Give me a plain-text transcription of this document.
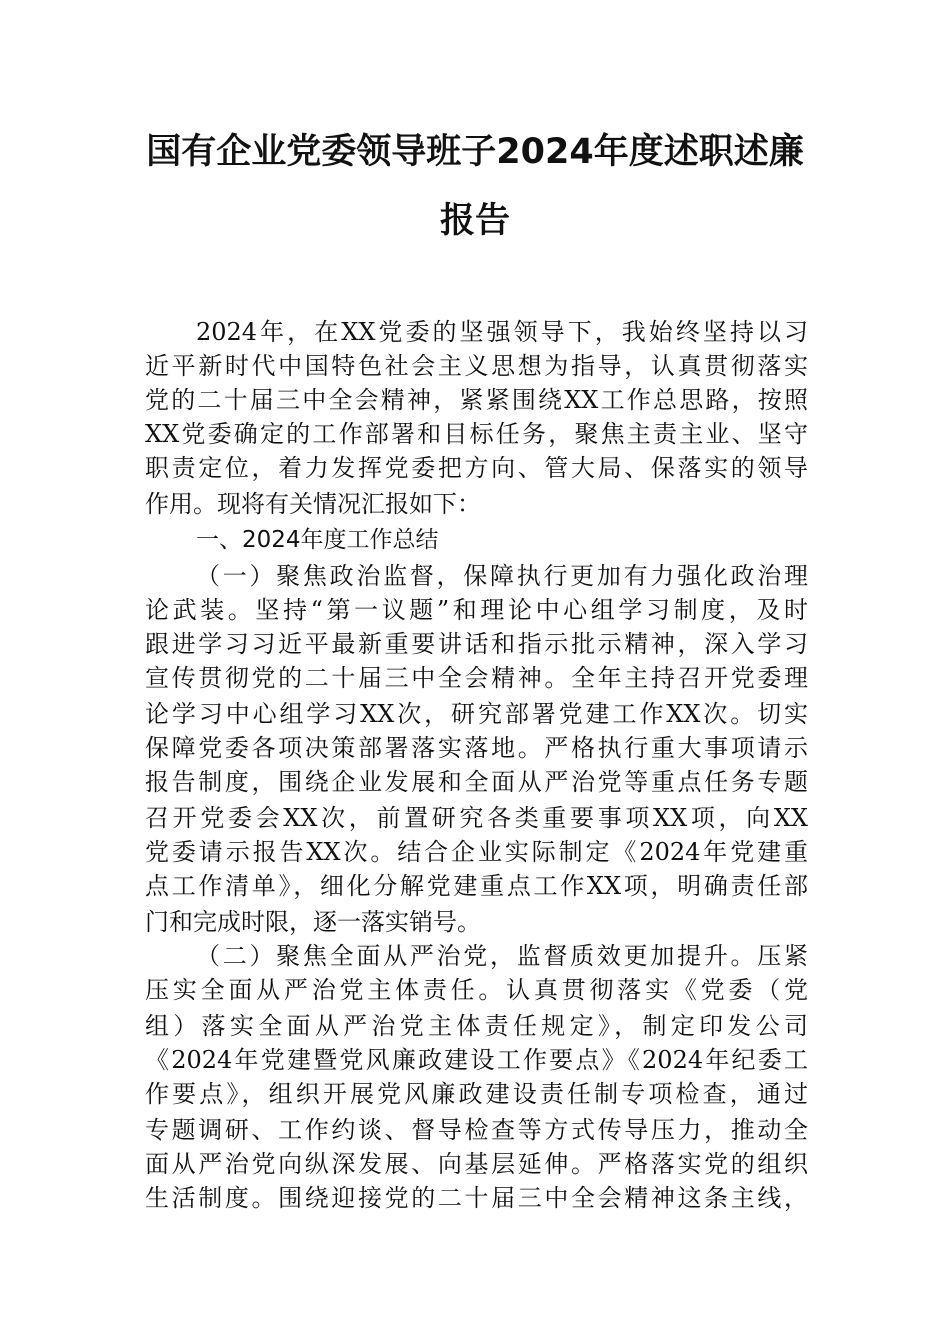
国有企业党委领导班子2024年度述职述廉
报告
2024年，在XX党委的坚强领导下，我始终坚持以习
近平新时代中国特色社会主义思想为指导，认真贯彻落实
党的二十届三中全会精神，紧紧围绕XX工作总思路，按照
XX党委确定的工作部署和目标任务，聚焦主责主业、坚守
职责定位，着力发挥党委把方向、管大局、保落实的领导
作用。现将有关情况汇报如下：
一、2024年度工作总结
（一）聚焦政治监督，保障执行更加有力强化政治理
论武装。坚持“第一议题”和理论中心组学习制度，及时
跟进学习习近平最新重要讲话和指示批示精神，深入学习
宣传贯彻党的二十届三中全会精神。全年主持召开党委理
论学习中心组学习XX次，研究部署党建工作XX次。切实
保障党委各项决策部署落实落地。严格执行重大事项请示
报告制度，围绕企业发展和全面从严治党等重点任务专题
召开党委会XX次，前置研究各类重要事项XX项，向XX
党委请示报告XX次。结合企业实际制定《2024年党建重
点工作清单》，细化分解党建重点工作XX项，明确责任部
门和完成时限，逐一落实销号。
（二）聚焦全面从严治党，监督质效更加提升。压紧
压实全面从严治党主体责任。认真贯彻落实《党委（党
组）落实全面从严治党主体责任规定》，制定印发公司
《2024年党建暨党风廉政建设工作要点》《2024年纪委工
作要点》，组织开展党风廉政建设责任制专项检查，通过
专题调研、工作约谈、督导检查等方式传导压力，推动全
面从严治党向纵深发展、向基层延伸。严格落实党的组织
生活制度。围绕迎接党的二十届三中全会精神这条主线，
